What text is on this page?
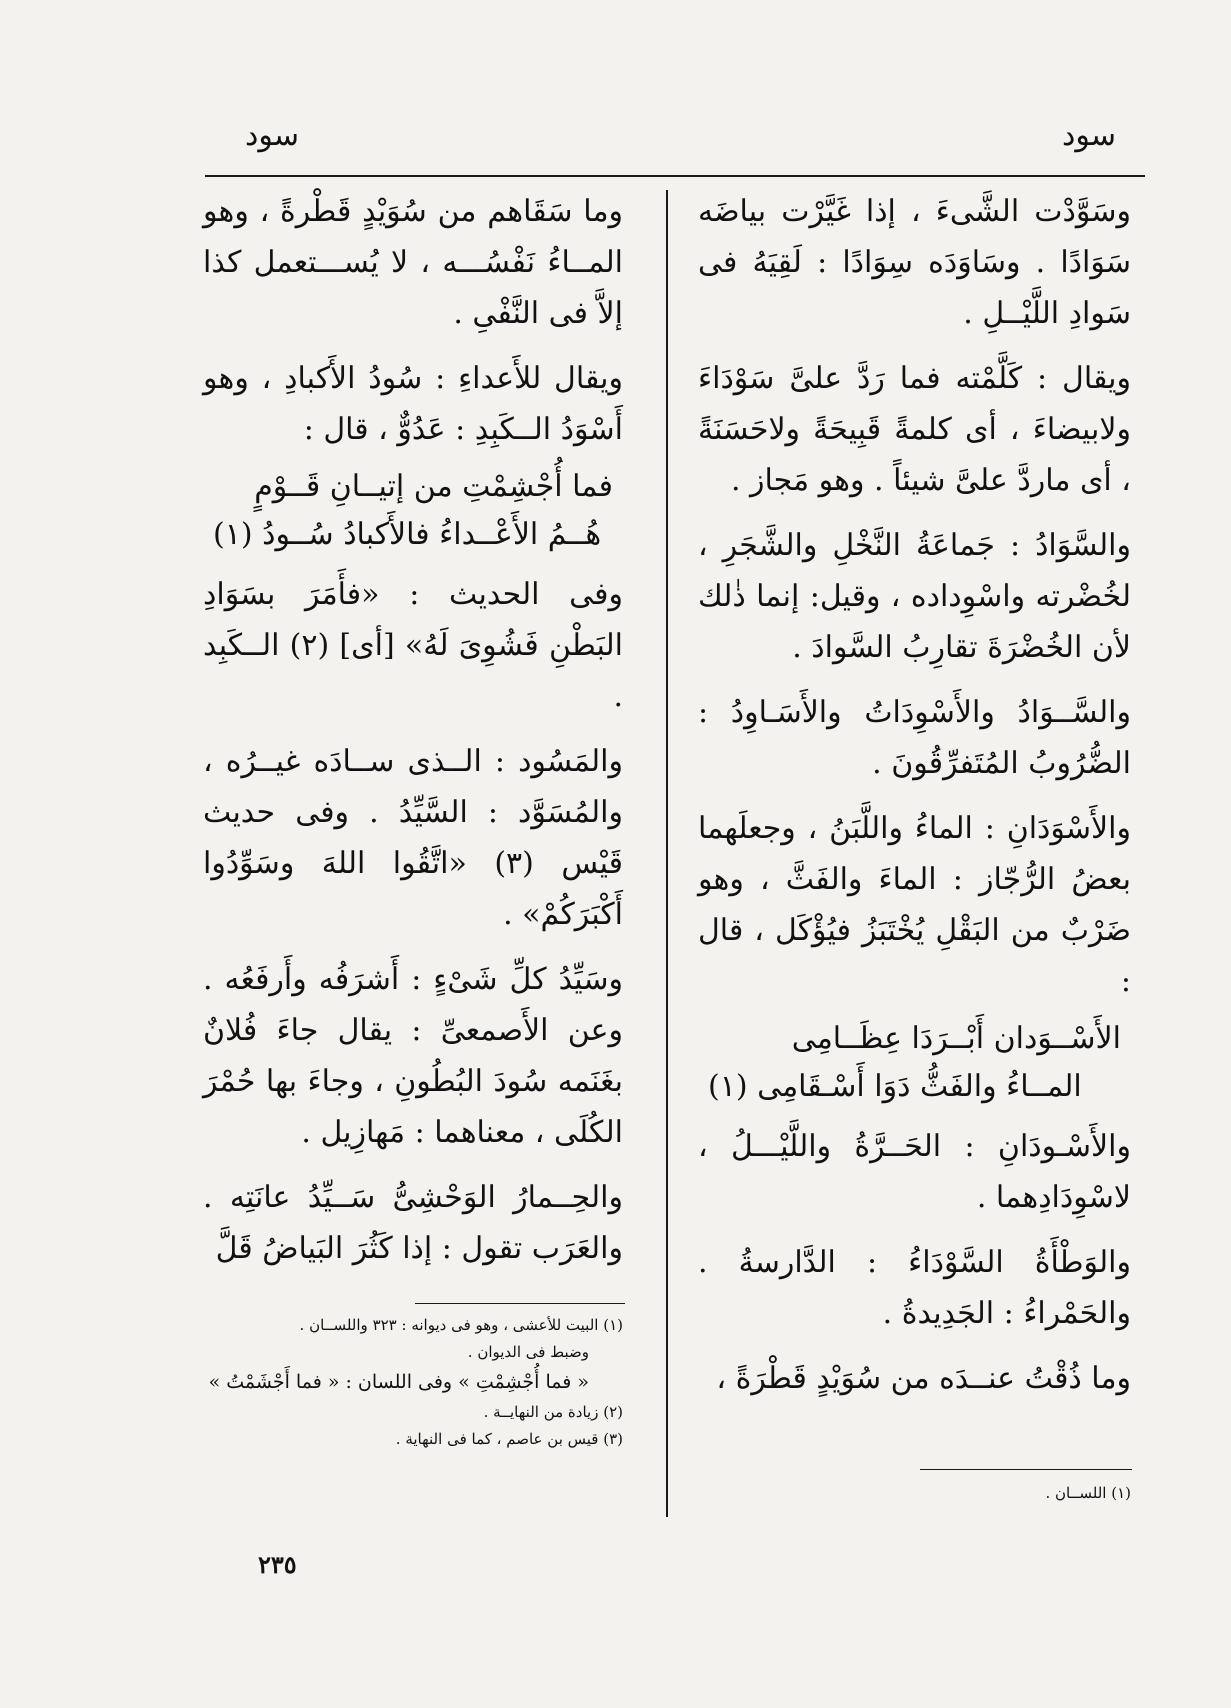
سود
سود

وسَوَّدْت الشَّىءَ ، إذا غَيَّرْت بياضَه سَوَادًا . وسَاوَدَه سِوَادًا : لَقِيَهُ فى سَوادِ اللَّيْــلِ .

ويقال : كَلَّمْته فما رَدَّ علىَّ سَوْدَاءَ ولابيضاءَ ، أى كلمةً قَبِيحَةً ولاحَسَنَةً ، أى ماردَّ علىَّ شيئاً . وهو مَجاز .

والسَّوَادُ : جَماعَةُ النَّخْلِ والشَّجَرِ ، لخُضْرته واسْوِداده ، وقيل: إنما ذٰلك لأن الخُضْرَةَ تقارِبُ السَّوادَ .

والسَّــوَادُ والأَسْوِدَاتُ والأَسَـاوِدُ : الضُّرُوبُ المُتَفرِّقُونَ .

والأَسْوَدَانِ : الماءُ واللَّبَنُ ، وجعلَهما بعضُ الرُّجّاز : الماءَ والفَثَّ ، وهو ضَرْبٌ من البَقْلِ يُخْتَبَزُ فيُؤْكَل ، قال :

الأَسْــوَدان أَبْــرَدَا عِظَــامِى
المــاءُ والفَثُّ دَوَا أَسْـقَامِى (١)

والأَسْـودَانِ : الحَــرَّةُ واللَّيْـــلُ ، لاسْوِدَادِهما .

والوَطْأَةُ السَّوْدَاءُ : الدَّارسةُ . والحَمْراءُ : الجَدِيدةُ .

وما ذُقْتُ عنــدَه من سُوَيْدٍ قَطْرَةً ،

(١) اللســان .

وما سَقَاهم من سُوَيْدٍ قَطْرةً ، وهو المــاءُ نَفْسُـــه ، لا يُســـتعمل كذا إلاَّ فى النَّفْىِ .

ويقال للأَعداءِ : سُودُ الأَكبادِ ، وهو أَسْوَدُ الــكَبِدِ : عَدُوٌّ ، قال :

فما أُجْشِمْتِ من إتيــانِ قَــوْمٍ
هُــمُ الأَعْــداءُ فالأَكبادُ سُــودُ (١)

وفى الحديث : «فأَمَرَ بسَوَادِ البَطْنِ فَشُوِىَ لَهُ» [أى] (٢) الــكَبِد .

والمَسُود : الــذى ســادَه غيــرُه ، والمُسَوَّد : السَّيِّدُ . وفى حديث قَيْس (٣) «اتَّقُوا اللهَ وسَوِّدُوا أَكْبَرَكُمْ» .

وسَيِّدُ كلِّ شَىْءٍ : أَشرَفُه وأَرفَعُه . وعن الأَصمعىِّ : يقال جاءَ فُلانٌ بغَنَمه سُودَ البُطُونِ ، وجاءَ بها حُمْرَ الكُلَى ، معناهما : مَهازِيل .

والحِــمارُ الوَحْشِىُّ سَــيِّدُ عانَتِه . والعَرَب تقول : إذا كَثُرَ البَياضُ قَلَّ

(١) البيت للأعشى ، وهو فى ديوانه : ٣٢٣ واللســان .
وضبط فى الديوان .
« فما أُجْشِمْتِ » وفى اللسان : « فما أَجْشَمْتُ »
(٢) زيادة من النهايــة .
(٣) قيس بن عاصم ، كما فى النهاية .
٢٣٥
